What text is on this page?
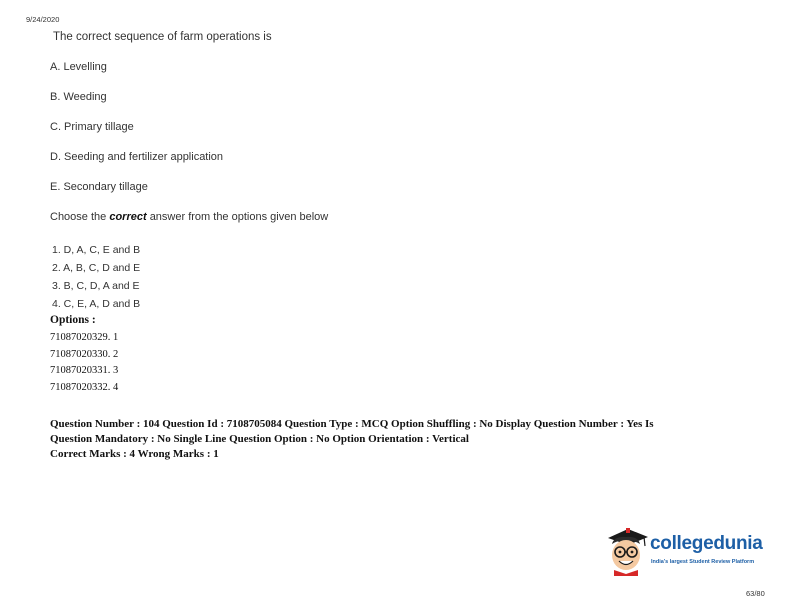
9/24/2020
The correct sequence of farm operations is
A. Levelling
B. Weeding
C. Primary tillage
D. Seeding and fertilizer application
E. Secondary tillage
Choose the correct answer from the options given below
1. D, A, C, E and B
2. A, B, C, D and E
3. B, C, D, A and E
4. C, E, A, D and B
Options :
71087020329. 1
71087020330. 2
71087020331. 3
71087020332. 4
Question Number : 104 Question Id : 7108705084 Question Type : MCQ Option Shuffling : No Display Question Number : Yes Is
Question Mandatory : No Single Line Question Option : No Option Orientation : Vertical
Correct Marks : 4 Wrong Marks : 1
collegedunia
India's largest Student Review Platform
63/80
